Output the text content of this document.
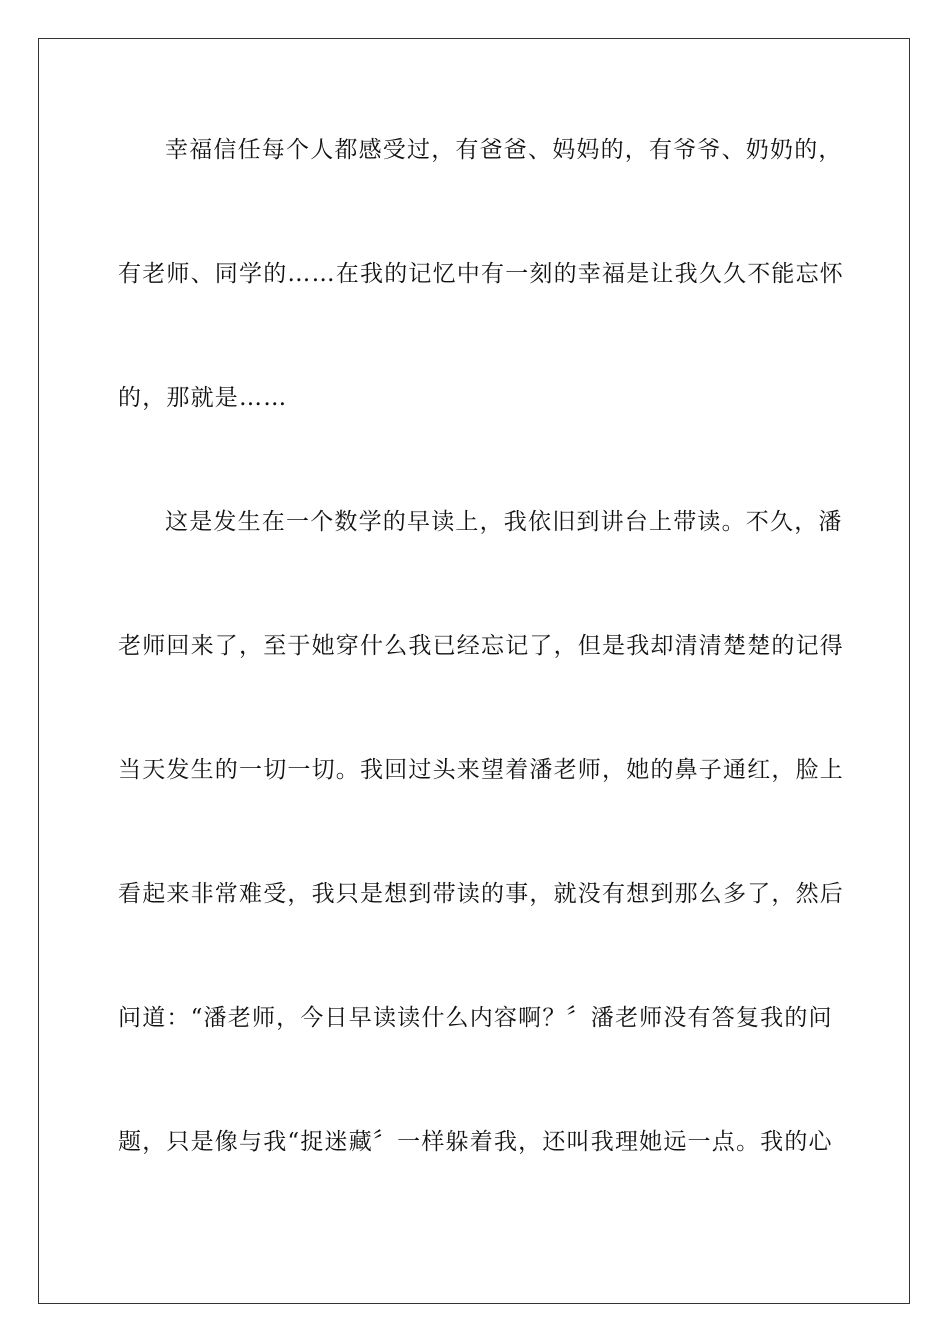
幸福信任每个人都感受过，有爸爸、妈妈的，有爷爷、奶奶的，
有老师、同学的……在我的记忆中有一刻的幸福是让我久久不能忘怀
的，那就是……
这是发生在一个数学的早读上，我依旧到讲台上带读。不久，潘
老师回来了，至于她穿什么我已经忘记了，但是我却清清楚楚的记得
当天发生的一切一切。我回过头来望着潘老师，她的鼻子通红，脸上
看起来非常难受，我只是想到带读的事，就没有想到那么多了，然后
问道：“潘老师，今日早读读什么内容啊？〞潘老师没有答复我的问
题，只是像与我“捉迷藏〞一样躲着我，还叫我理她远一点。我的心
